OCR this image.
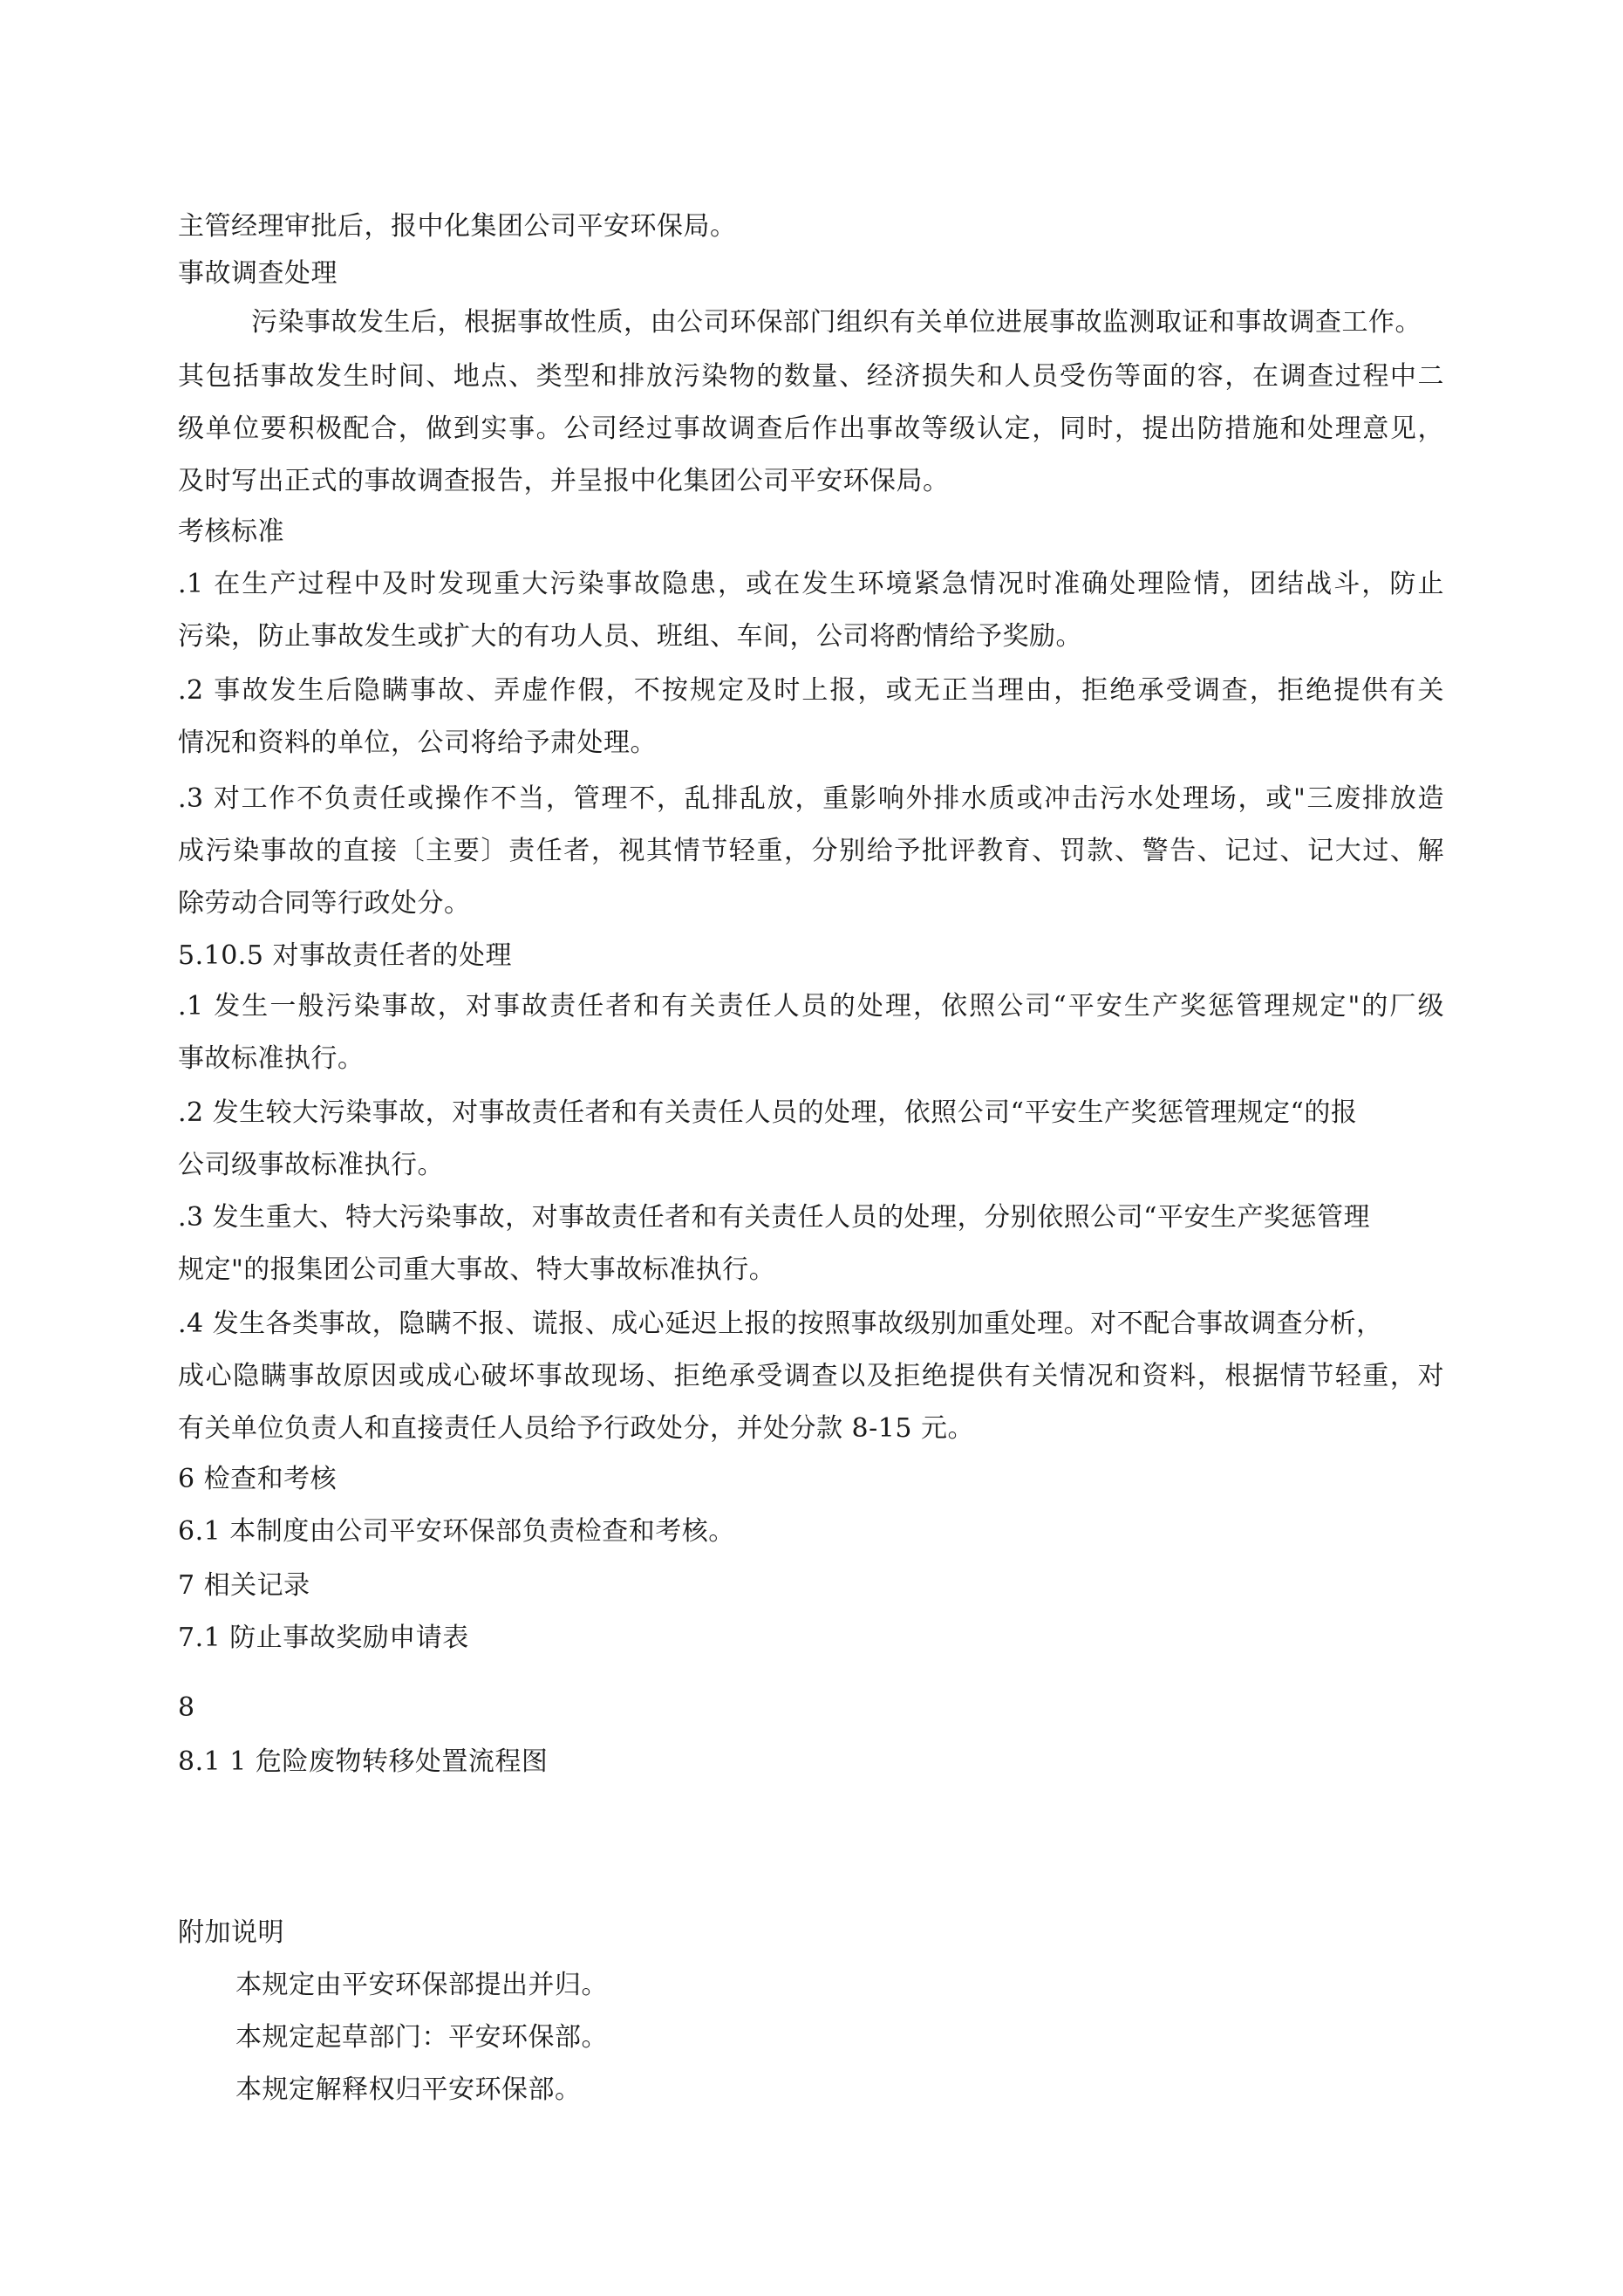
主管经理审批后，报中化集团公司平安环保局。
事故调查处理
污染事故发生后，根据事故性质，由公司环保部门组织有关单位进展事故监测取证和事故调查工作。
其包括事故发生时间、地点、类型和排放污染物的数量、经济损失和人员受伤等面的容，在调查过程中二
级单位要积极配合，做到实事。公司经过事故调查后作出事故等级认定，同时，提出防措施和处理意见，
及时写出正式的事故调查报告，并呈报中化集团公司平安环保局。
考核标准
.1 在生产过程中及时发现重大污染事故隐患，或在发生环境紧急情况时准确处理险情，团结战斗，防止
污染，防止事故发生或扩大的有功人员、班组、车间，公司将酌情给予奖励。
.2 事故发生后隐瞒事故、弄虚作假，不按规定及时上报，或无正当理由，拒绝承受调查，拒绝提供有关
情况和资料的单位，公司将给予肃处理。
.3 对工作不负责任或操作不当，管理不，乱排乱放，重影响外排水质或冲击污水处理场，或"三废排放造
成污染事故的直接〔主要〕责任者，视其情节轻重，分别给予批评教育、罚款、警告、记过、记大过、解
除劳动合同等行政处分。
5.10.5 对事故责任者的处理
.1 发生一般污染事故，对事故责任者和有关责任人员的处理，依照公司“平安生产奖惩管理规定"的厂级
事故标准执行。
.2 发生较大污染事故，对事故责任者和有关责任人员的处理，依照公司“平安生产奖惩管理规定“的报
公司级事故标准执行。
.3 发生重大、特大污染事故，对事故责任者和有关责任人员的处理，分别依照公司“平安生产奖惩管理
规定"的报集团公司重大事故、特大事故标准执行。
.4 发生各类事故，隐瞒不报、谎报、成心延迟上报的按照事故级别加重处理。对不配合事故调查分析，
成心隐瞒事故原因或成心破坏事故现场、拒绝承受调查以及拒绝提供有关情况和资料，根据情节轻重，对
有关单位负责人和直接责任人员给予行政处分，并处分款 8-15 元。
6 检查和考核
6.1 本制度由公司平安环保部负责检查和考核。
7 相关记录
7.1 防止事故奖励申请表
8
8.1 1 危险废物转移处置流程图
附加说明
本规定由平安环保部提出并归。
本规定起草部门：平安环保部。
本规定解释权归平安环保部。
